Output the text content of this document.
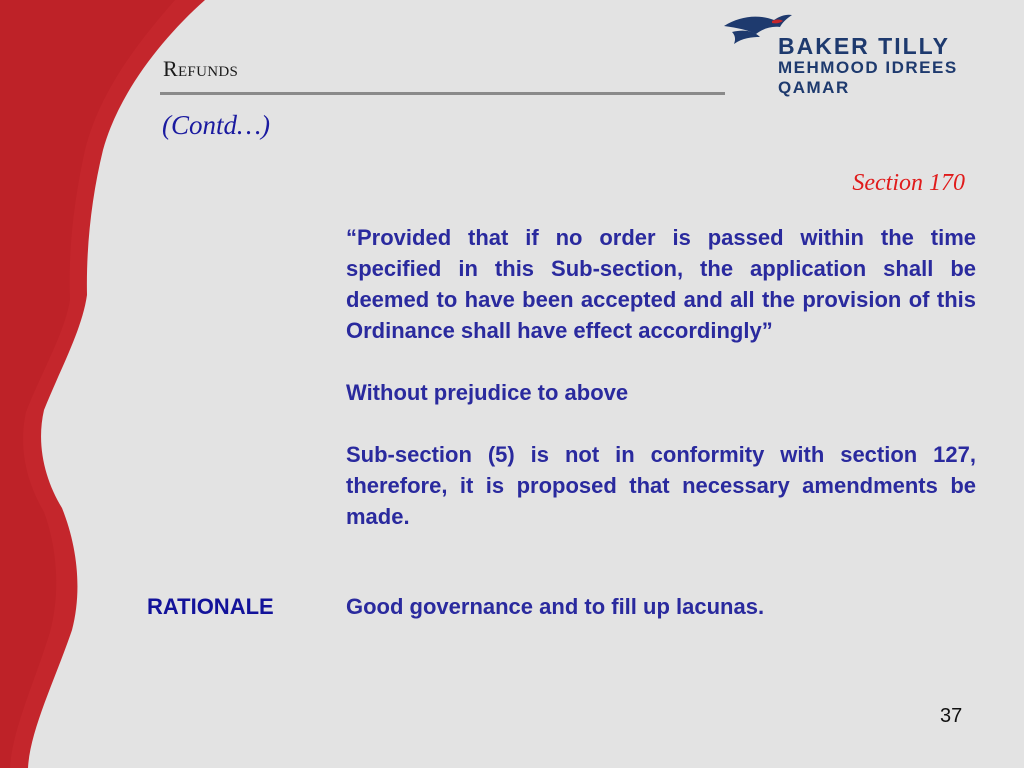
Refunds
(Contd…)
BAKER TILLY
MEHMOOD IDREES
QAMAR
Section 170

“Provided that if no order is passed within the time specified in this Sub-section, the application shall be deemed to have been accepted and all the provision of this Ordinance shall have effect accordingly”

Without prejudice to above

Sub-section (5) is not in conformity with section 127, therefore, it is proposed that necessary amendments be made.

RATIONALE	Good governance and to fill up lacunas.
37
